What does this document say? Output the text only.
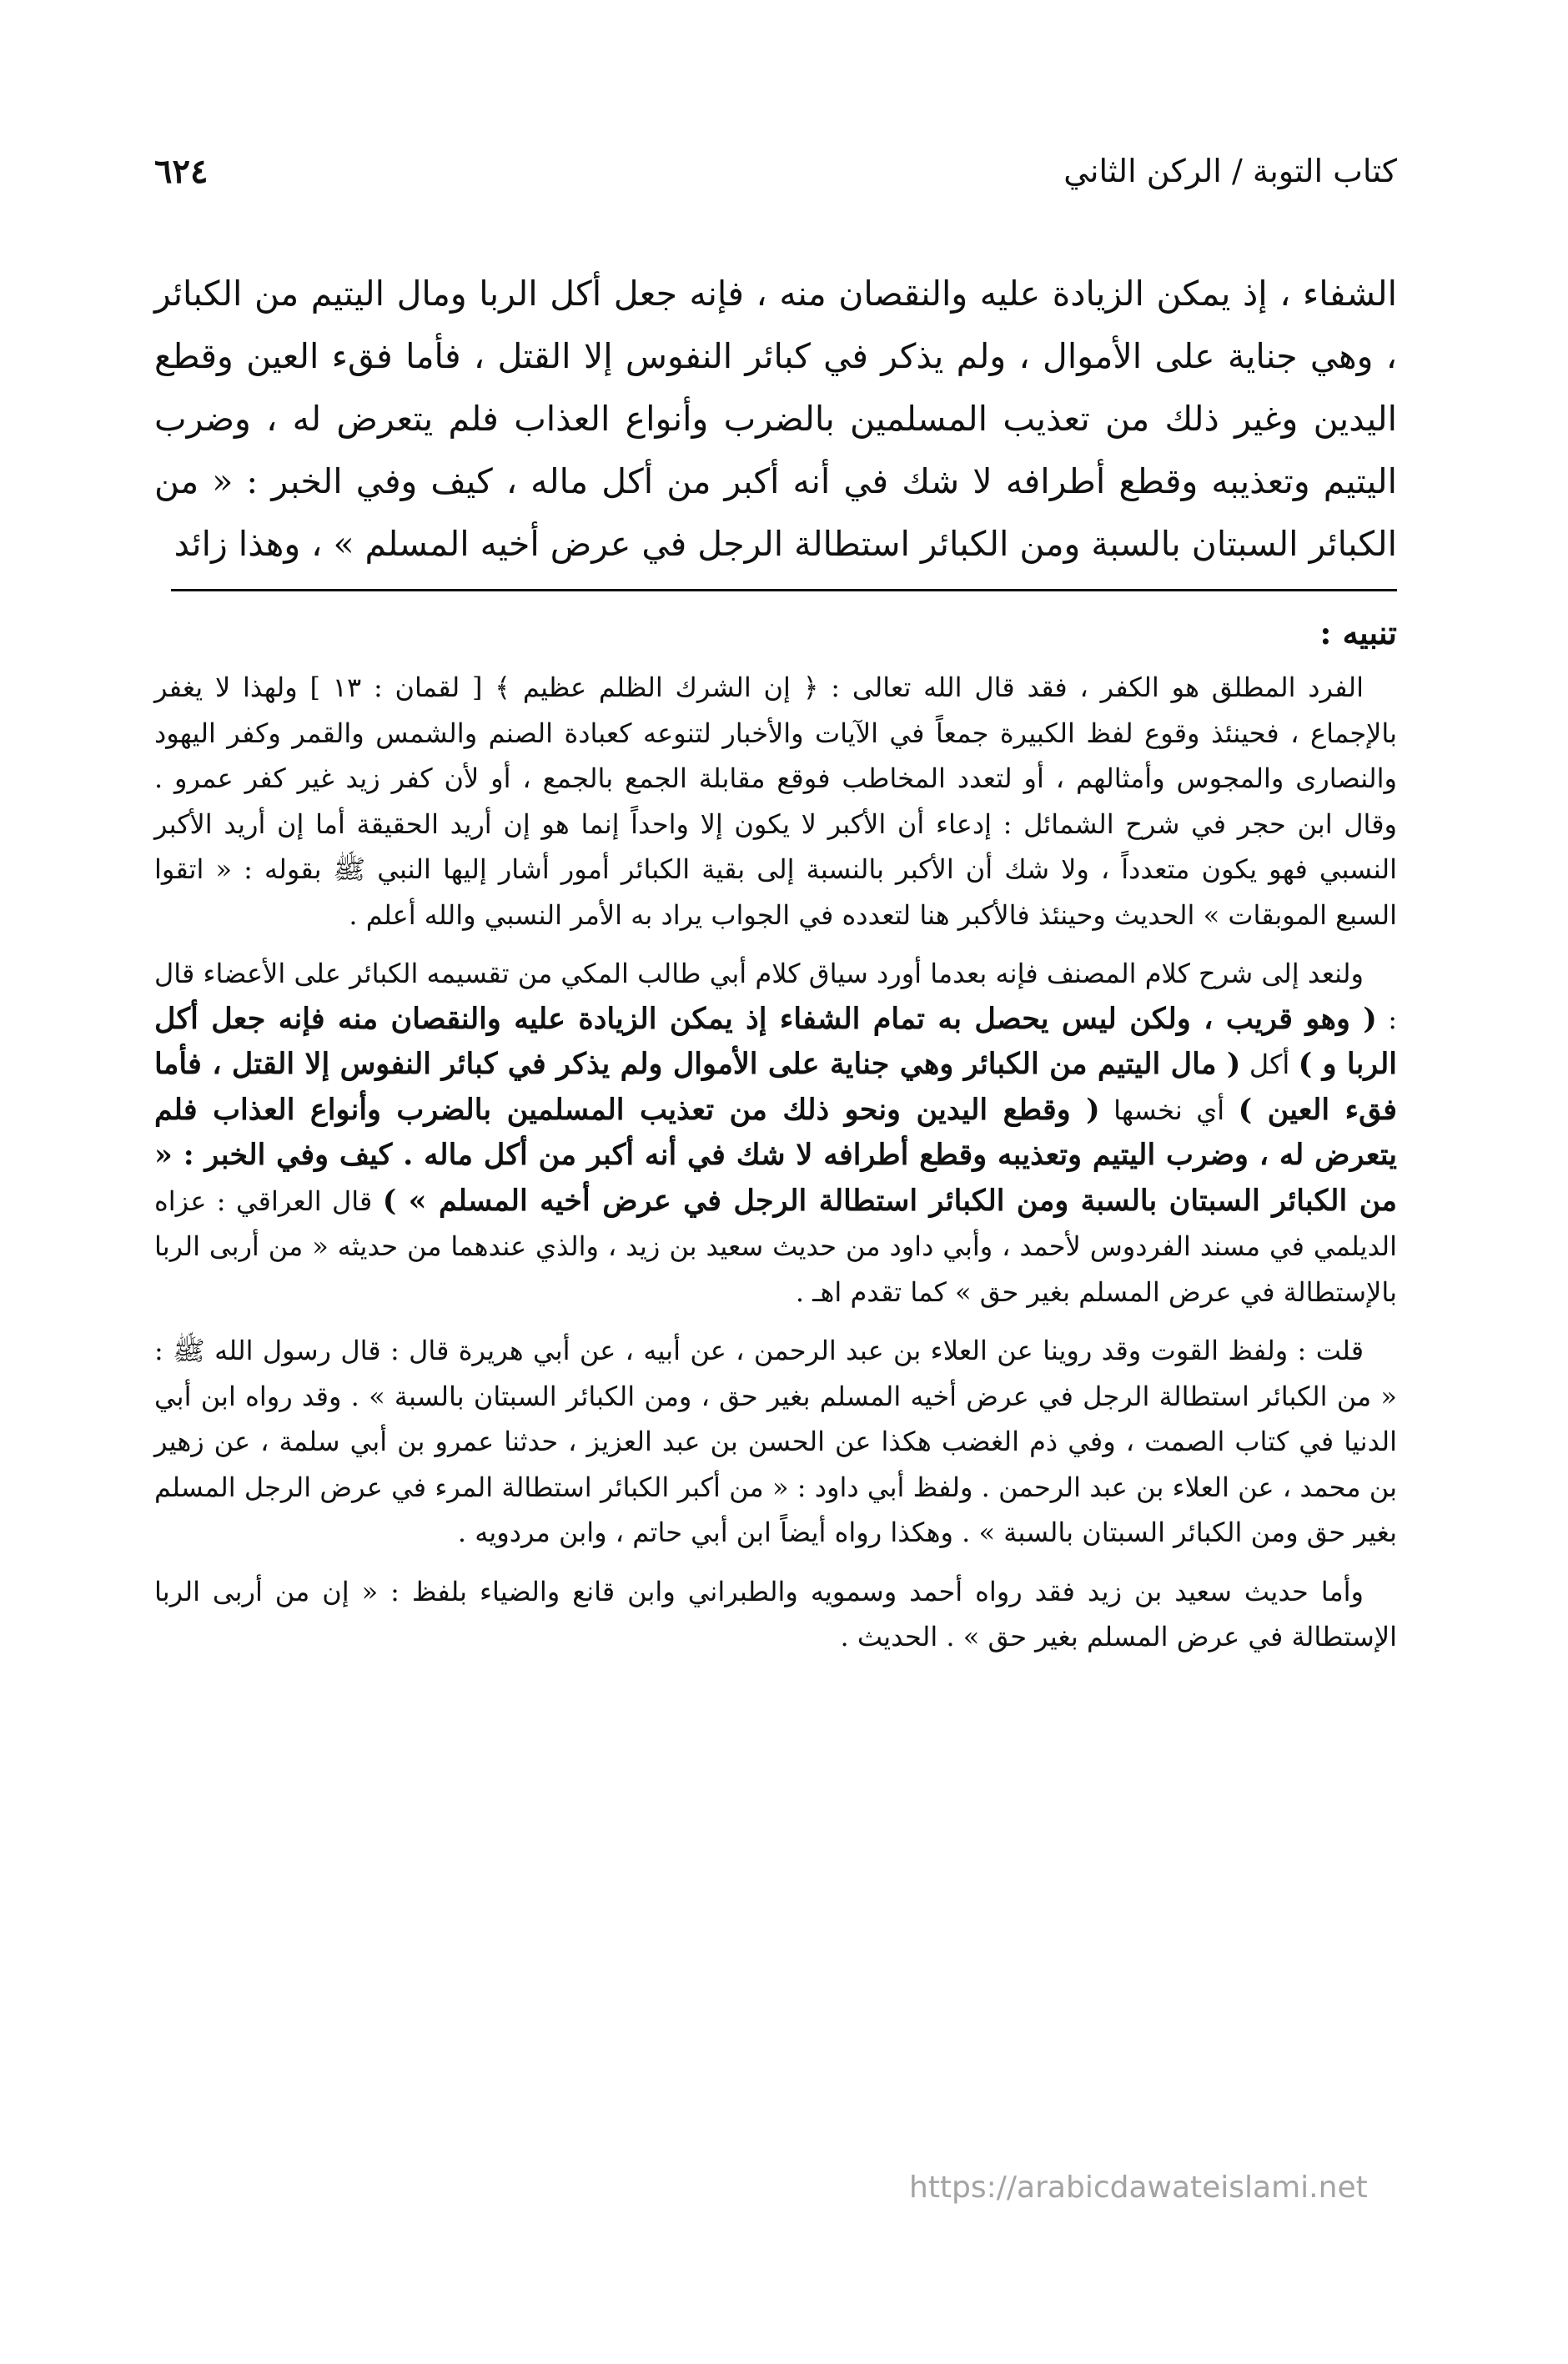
كتاب التوبة / الركن الثاني
٦٢٤

الشفاء ، إذ يمكن الزيادة عليه والنقصان منه ، فإنه جعل أكل الربا ومال اليتيم من الكبائر ، وهي جناية على الأموال ، ولم يذكر في كبائر النفوس إلا القتل ، فأما فقء العين وقطع اليدين وغير ذلك من تعذيب المسلمين بالضرب وأنواع العذاب فلم يتعرض له ، وضرب اليتيم وتعذيبه وقطع أطرافه لا شك في أنه أكبر من أكل ماله ، كيف وفي الخبر : « من الكبائر السبتان بالسبة ومن الكبائر استطالة الرجل في عرض أخيه المسلم » ، وهذا زائد

تنبيه :

الفرد المطلق هو الكفر ، فقد قال الله تعالى : ﴿ إن الشرك الظلم عظيم ﴾ [ لقمان : ١٣ ] ولهذا لا يغفر بالإجماع ، فحينئذ وقوع لفظ الكبيرة جمعاً في الآيات والأخبار لتنوعه كعبادة الصنم والشمس والقمر وكفر اليهود والنصارى والمجوس وأمثالهم ، أو لتعدد المخاطب فوقع مقابلة الجمع بالجمع ، أو لأن كفر زيد غير كفر عمرو . وقال ابن حجر في شرح الشمائل : إدعاء أن الأكبر لا يكون إلا واحداً إنما هو إن أريد الحقيقة أما إن أريد الأكبر النسبي فهو يكون متعدداً ، ولا شك أن الأكبر بالنسبة إلى بقية الكبائر أمور أشار إليها النبي ﷺ بقوله : « اتقوا السبع الموبقات » الحديث وحينئذ فالأكبر هنا لتعدده في الجواب يراد به الأمر النسبي والله أعلم .

ولنعد إلى شرح كلام المصنف فإنه بعدما أورد سياق كلام أبي طالب المكي من تقسيمه الكبائر على الأعضاء قال : ( وهو قريب ، ولكن ليس يحصل به تمام الشفاء إذ يمكن الزيادة عليه والنقصان منه فإنه جعل أكل الربا و ) أكل ( مال اليتيم من الكبائر وهي جناية على الأموال ولم يذكر في كبائر النفوس إلا القتل ، فأما فقء العين ) أي نخسها ( وقطع اليدين ونحو ذلك من تعذيب المسلمين بالضرب وأنواع العذاب فلم يتعرض له ، وضرب اليتيم وتعذيبه وقطع أطرافه لا شك في أنه أكبر من أكل ماله . كيف وفي الخبر : « من الكبائر السبتان بالسبة ومن الكبائر استطالة الرجل في عرض أخيه المسلم » ) قال العراقي : عزاه الديلمي في مسند الفردوس لأحمد ، وأبي داود من حديث سعيد بن زيد ، والذي عندهما من حديثه « من أربى الربا بالإستطالة في عرض المسلم بغير حق » كما تقدم اهـ .

قلت : ولفظ القوت وقد روينا عن العلاء بن عبد الرحمن ، عن أبيه ، عن أبي هريرة قال : قال رسول الله ﷺ : « من الكبائر استطالة الرجل في عرض أخيه المسلم بغير حق ، ومن الكبائر السبتان بالسبة » . وقد رواه ابن أبي الدنيا في كتاب الصمت ، وفي ذم الغضب هكذا عن الحسن بن عبد العزيز ، حدثنا عمرو بن أبي سلمة ، عن زهير بن محمد ، عن العلاء بن عبد الرحمن . ولفظ أبي داود : « من أكبر الكبائر استطالة المرء في عرض الرجل المسلم بغير حق ومن الكبائر السبتان بالسبة » . وهكذا رواه أيضاً ابن أبي حاتم ، وابن مردويه .

وأما حديث سعيد بن زيد فقد رواه أحمد وسمويه والطبراني وابن قانع والضياء بلفظ : « إن من أربى الربا الإستطالة في عرض المسلم بغير حق » . الحديث .

https://arabicdawateislami.net
